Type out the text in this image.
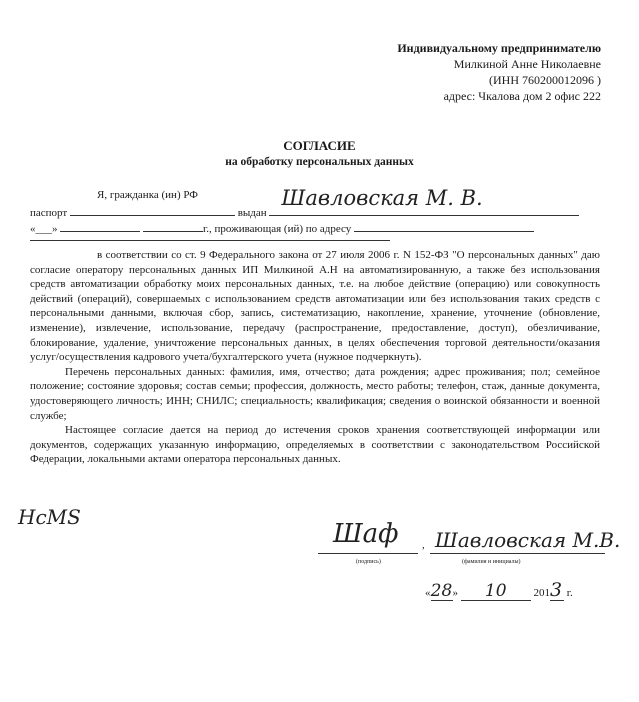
Индивидуальному предпринимателю
Милкиной Анне Николаевне
(ИНН 760200012096 )
адрес: Чкалова дом 2 офис 222
СОГЛАСИЕ
на обработку персональных данных
Я, гражданка (ин) РФ
паспорт	выдан
Шавловская М. В.
«___»	г., проживающая (ий) по адресу

в соответствии со ст. 9 Федерального закона от 27 июля 2006 г. N 152-ФЗ "О персональных данных" даю согласие оператору персональных данных ИП Милкиной А.Н на автоматизированную, а также без использования средств автоматизации обработку моих персональных данных, т.е. на любое действие (операцию) или совокупность действий (операций), совершаемых с использованием средств автоматизации или без использования таких средств с персональными данными, включая сбор, запись, систематизацию, накопление, хранение, уточнение (обновление, изменение), извлечение, использование, передачу (распространение, предоставление, доступ), обезличивание, блокирование, удаление, уничтожение персональных данных, в целях обеспечения торговой деятельности/оказания услуг/осуществления кадрового учета/бухгалтерского учета (нужное подчеркнуть).

Перечень персональных данных: фамилия, имя, отчество; дата рождения; адрес проживания; пол; семейное положение; состояние здоровья; состав семьи; профессия, должность, место работы; телефон, стаж, данные документа, удостоверяющего личность; ИНН; СНИЛС; специальность; квалификация; сведения о воинской обязанности и военной службе;

Настоящее согласие дается на период до истечения сроков хранения соответствующей информации или документов, содержащих указанную информацию, определяемых в соответствии с законодательством Российской Федерации, локальными актами оператора персональных данных.

НсМS
Шаф
(подпись)
, Шавловская М.В.
(фамилия и инициалы)
«28» 10 2013 г.
